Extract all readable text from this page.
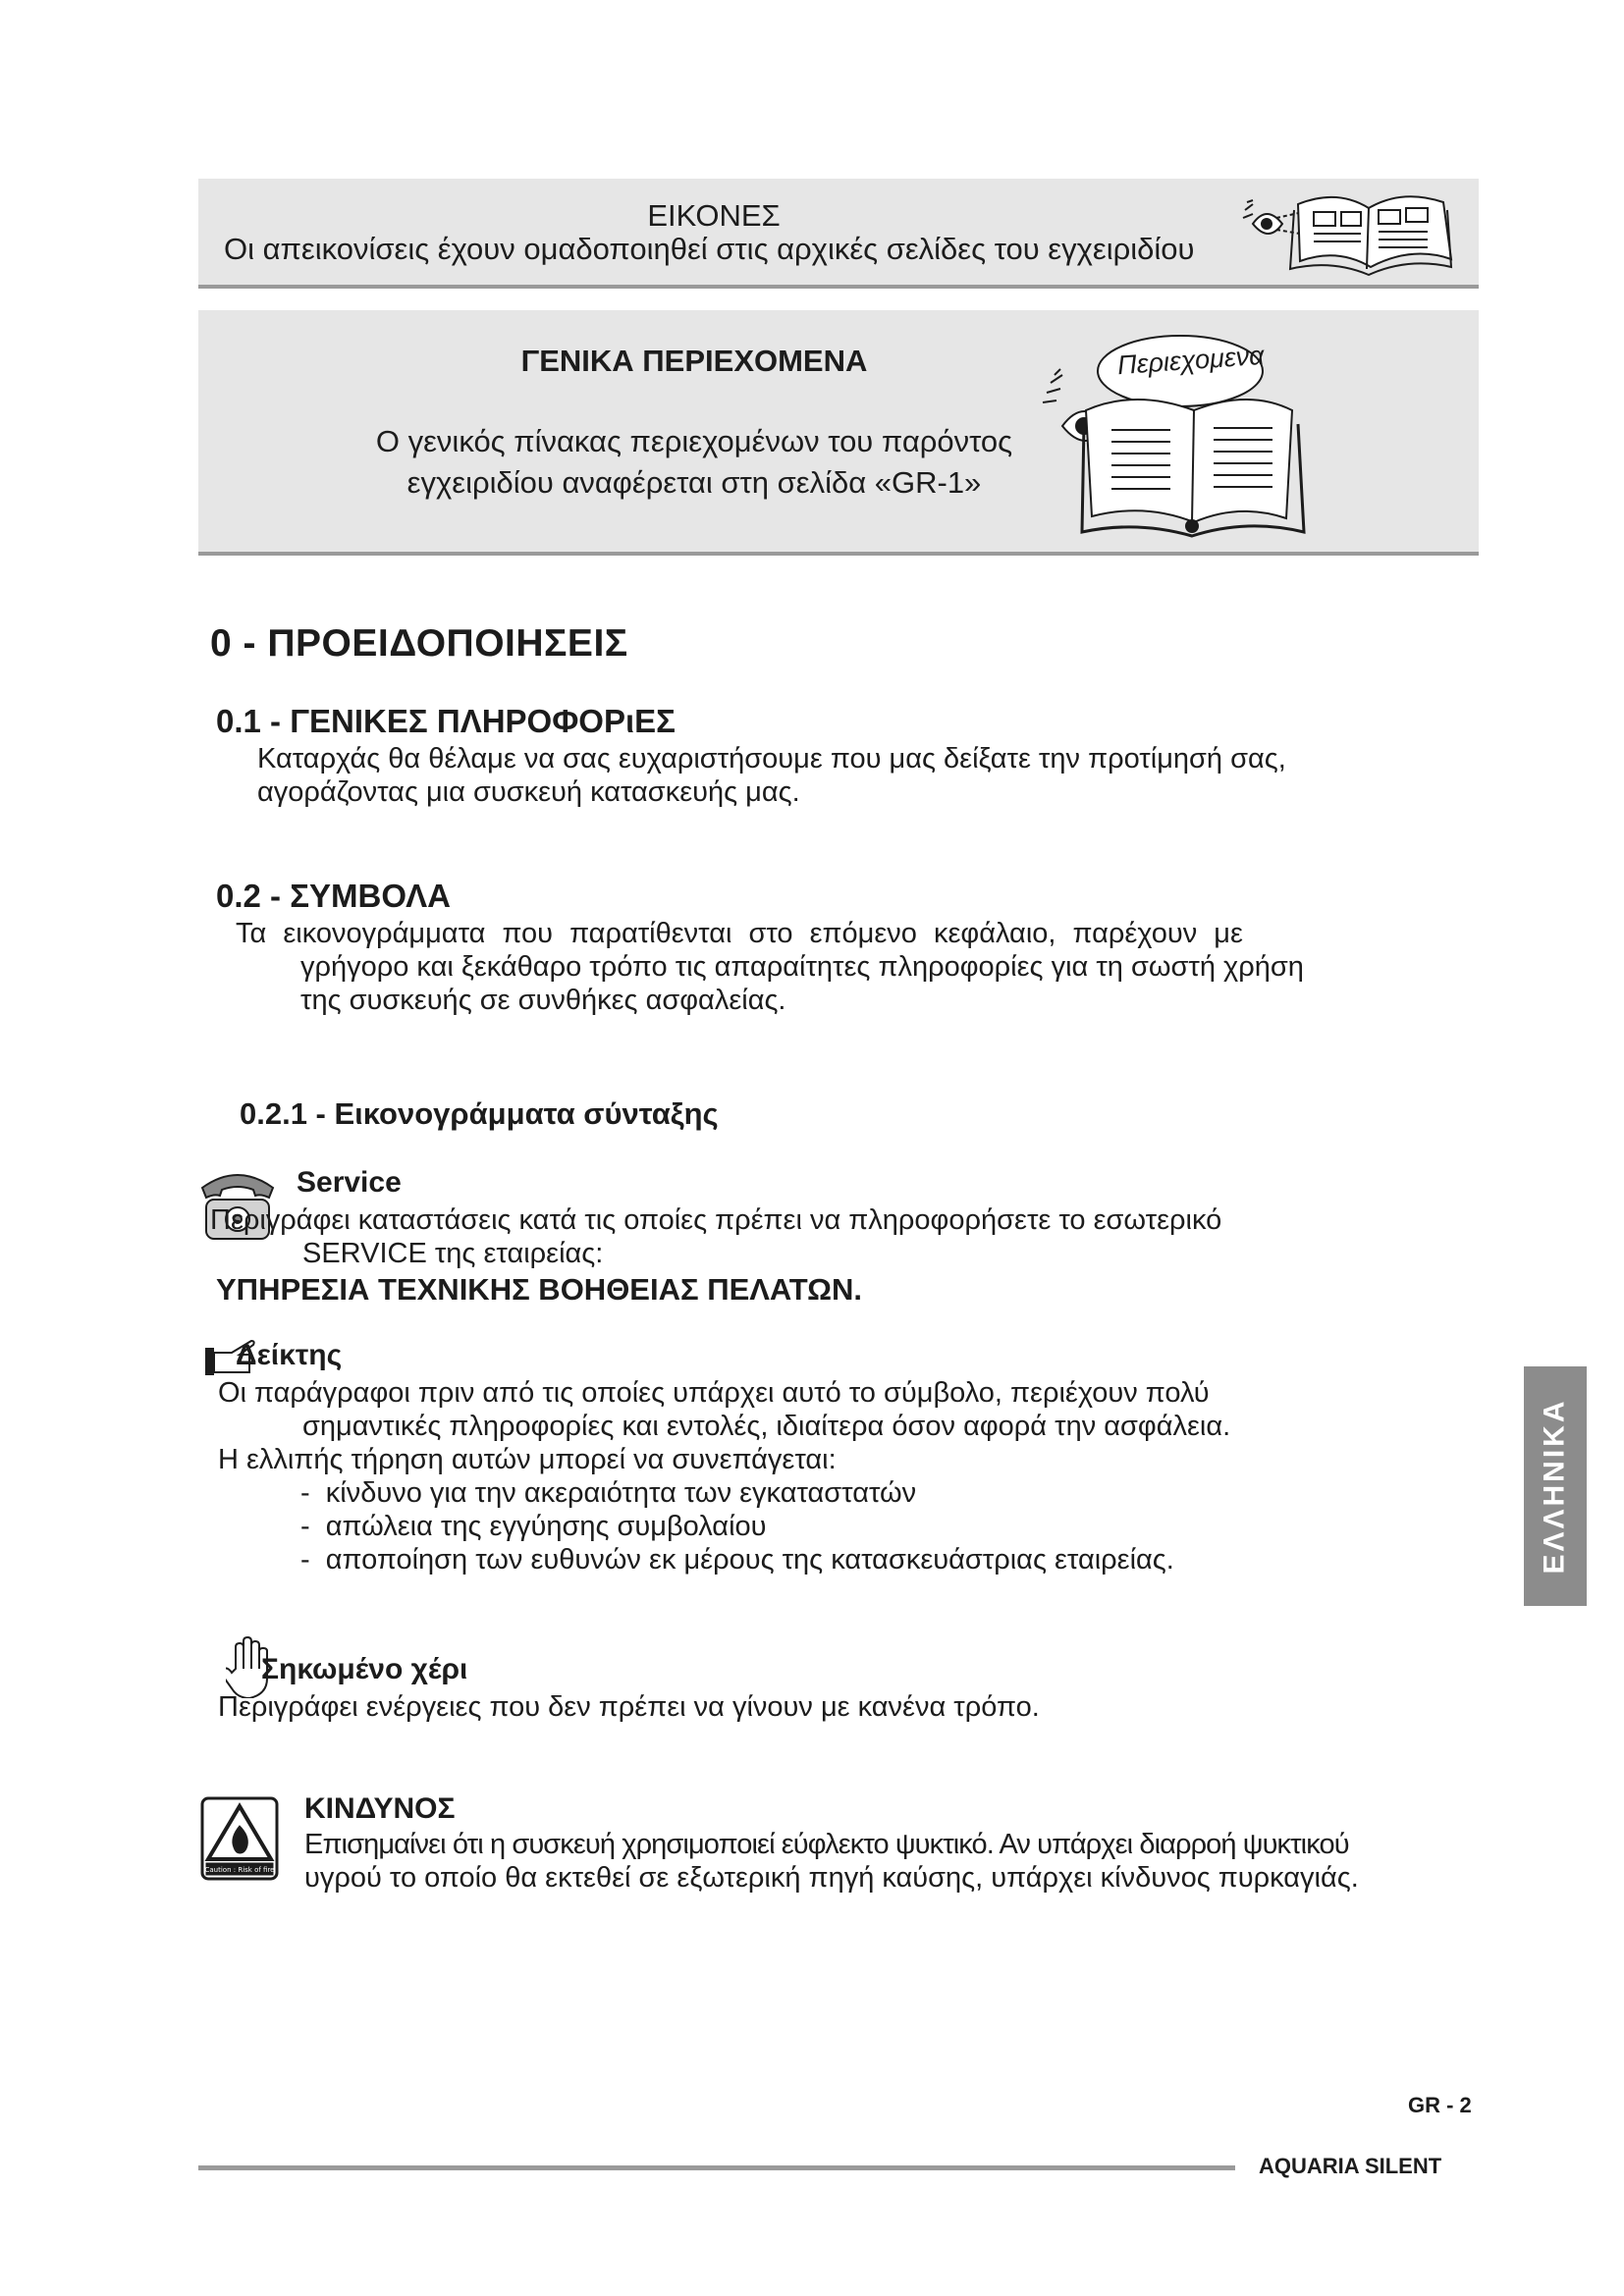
ΕΙΚΟΝΕΣ
Οι απεικονίσεις έχουν ομαδοποιηθεί στις αρχικές σελίδες του εγχειριδίου
ΓΕΝΙΚΑ ΠΕΡΙΕΧΟΜΕΝΑ
Ο γενικός πίνακας περιεχομένων του παρόντος
εγχειριδίου αναφέρεται στη σελίδα «GR-1»
Περιεχομενα
0 - ΠΡΟΕΙΔΟΠΟΙΗΣΕΙΣ
0.1 - ΓΕΝΙΚΕΣ ΠΛΗΡΟΦΟΡιΕΣ
Καταρχάς θα θέλαμε να σας ευχαριστήσουμε που μας δείξατε την προτίμησή σας,
αγοράζοντας μια συσκευή κατασκευής μας.
0.2 - ΣΥΜΒΟΛΑ
Τα εικονογράμματα που παρατίθενται στο επόμενο κεφάλαιο, παρέχουν με
γρήγορο και ξεκάθαρο τρόπο τις απαραίτητες πληροφορίες για τη σωστή χρήση
της συσκευής σε συνθήκες ασφαλείας.
0.2.1 - Εικονογράμματα σύνταξης
Service
Περιγράφει καταστάσεις κατά τις οποίες πρέπει να πληροφορήσετε το εσωτερικό
SERVICE της εταιρείας:
ΥΠΗΡΕΣΙΑ ΤΕΧΝΙΚΗΣ ΒΟΗΘΕΙΑΣ ΠΕΛΑΤΩΝ.
Δείκτης
Οι παράγραφοι πριν από τις οποίες υπάρχει αυτό το σύμβολο, περιέχουν πολύ
σημαντικές πληροφορίες και εντολές, ιδιαίτερα όσον αφορά την ασφάλεια.
Η ελλιπής τήρηση αυτών μπορεί να συνεπάγεται:
-  κίνδυνο για την ακεραιότητα των εγκαταστατών
-  απώλεια της εγγύησης συμβολαίου
-  αποποίηση των ευθυνών εκ μέρους της κατασκευάστριας εταιρείας.
Σηκωμένο χέρι
Περιγράφει ενέργειες που δεν πρέπει να γίνουν με κανένα τρόπο.
Caution : Risk of fire
ΚΙΝΔΥΝΟΣ
Επισημαίνει ότι η συσκευή χρησιμοποιεί εύφλεκτο ψυκτικό. Αν υπάρχει διαρροή ψυκτικού
υγρού το οποίο θα εκτεθεί σε εξωτερική πηγή καύσης, υπάρχει κίνδυνος πυρκαγιάς.
ΕΛΛΗΝΙΚΑ
GR - 2
AQUARIA SILENT
